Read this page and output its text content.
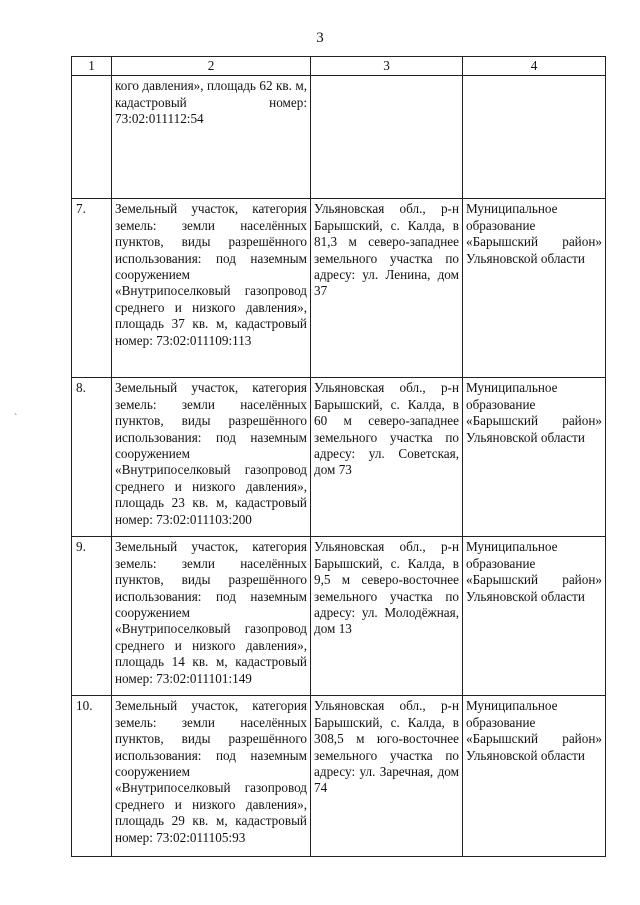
3
ˋ
1	2	3	4
	кого давления», площадь 62 кв. м, кадастровый номер: 73:02:011112:54		
7.	Земельный участок, категория земель: земли населённых пунктов, виды разрешённого использования: под наземным сооружением «Внутрипоселковый газопровод среднего и низкого давления», площадь 37 кв. м, кадастровый номер: 73:02:011109:113	Ульяновская обл., р-н Барышский, с. Калда, в 81,3 м северо-западнее земельного участка по адресу: ул. Ленина, дом 37	Муниципальное образование «Барышский район» Ульяновской области
8.	Земельный участок, категория земель: земли населённых пунктов, виды разрешённого использования: под наземным сооружением «Внутрипоселковый газопровод среднего и низкого давления», площадь 23 кв. м, кадастровый номер: 73:02:011103:200	Ульяновская обл., р-н Барышский, с. Калда, в 60 м северо-западнее земельного участка по адресу: ул. Советская, дом 73	Муниципальное образование «Барышский район» Ульяновской области
9.	Земельный участок, категория земель: земли населённых пунктов, виды разрешённого использования: под наземным сооружением «Внутрипоселковый газопровод среднего и низкого давления», площадь 14 кв. м, кадастровый номер: 73:02:011101:149	Ульяновская обл., р-н Барышский, с. Калда, в 9,5 м северо-восточнее земельного участка по адресу: ул. Молодёжная, дом 13	Муниципальное образование «Барышский район» Ульяновской области
10.	Земельный участок, категория земель: земли населённых пунктов, виды разрешённого использования: под наземным сооружением «Внутрипоселковый газопровод среднего и низкого давления», площадь 29 кв. м, кадастровый номер: 73:02:011105:93	Ульяновская обл., р-н Барышский, с. Калда, в 308,5 м юго-восточнее земельного участка по адресу: ул. Заречная, дом 74	Муниципальное образование «Барышский район» Ульяновской области
